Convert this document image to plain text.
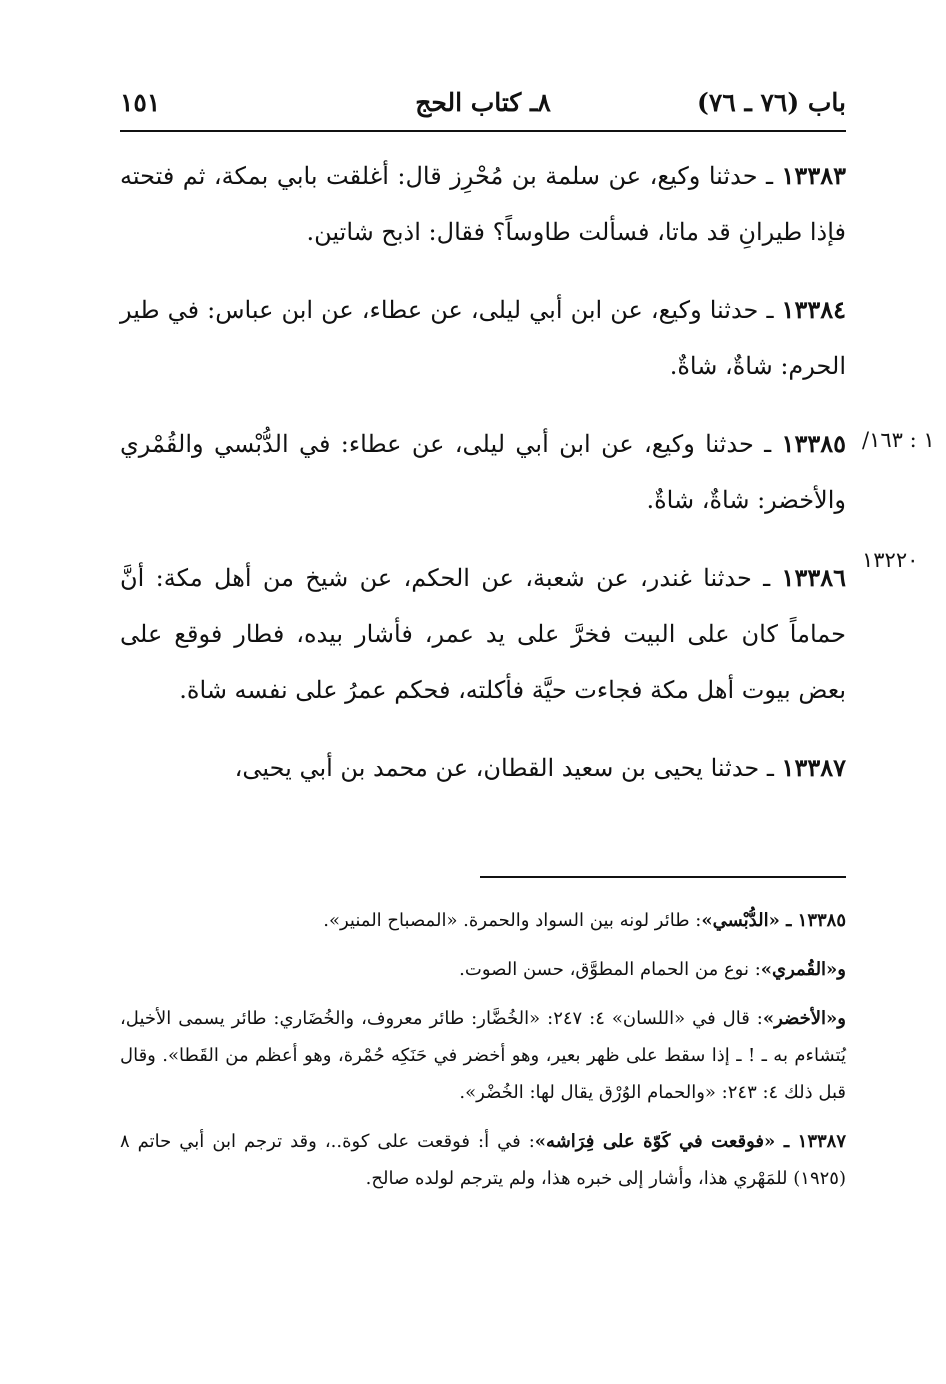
باب (٧٦ ـ ٧٦)
٨ـ كتاب الحج
١٥١
/١ : ١٦٣
١٣٢٢٠

١٣٣٨٣ ـ حدثنا وكيع، عن سلمة بن مُحْرِز قال: أغلقت بابي بمكة، ثم فتحته فإذا طيرانِ قد ماتا، فسألت طاوساً؟ فقال: اذبح شاتين.

١٣٣٨٤ ـ حدثنا وكيع، عن ابن أبي ليلى، عن عطاء، عن ابن عباس: في طير الحرم: شاةٌ، شاةٌ.

١٣٣٨٥ ـ حدثنا وكيع، عن ابن أبي ليلى، عن عطاء: في الدُّبْسي والقُمْري والأخضر: شاةٌ، شاةٌ.

١٣٣٨٦ ـ حدثنا غندر، عن شعبة، عن الحكم، عن شيخ من أهل مكة: أنَّ حماماً كان على البيت فخرَّ على يد عمر، فأشار بيده، فطار فوقع على بعض بيوت أهل مكة فجاءت حيَّة فأكلته، فحكم عمرُ على نفسه شاة.

١٣٣٨٧ ـ حدثنا يحيى بن سعيد القطان، عن محمد بن أبي يحيى،

١٣٣٨٥ ـ «الدُّبْسي»: طائر لونه بين السواد والحمرة. «المصباح المنير».

و«القُمري»: نوع من الحمام المطوَّق، حسن الصوت.

و«الأخضر»: قال في «اللسان» ٤: ٢٤٧: «الخُضَّار: طائر معروف، والخُضَاري: طائر يسمى الأخيل، يُتشاءم به ـ ! ـ إذا سقط على ظهر بعير، وهو أخضر في حَنَكِه حُمْرة، وهو أعظم من القَطا». وقال قبل ذلك ٤: ٢٤٣: «والحمام الوُرْق يقال لها: الخُضْر».

١٣٣٨٧ ـ «فوقعت في كَوّة على فِرَاشه»: في أ: فوقعت على كوة..، وقد ترجم ابن أبي حاتم ٨ (١٩٢٥) للمَهْري هذا، وأشار إلى خبره هذا، ولم يترجم لولده صالح.
